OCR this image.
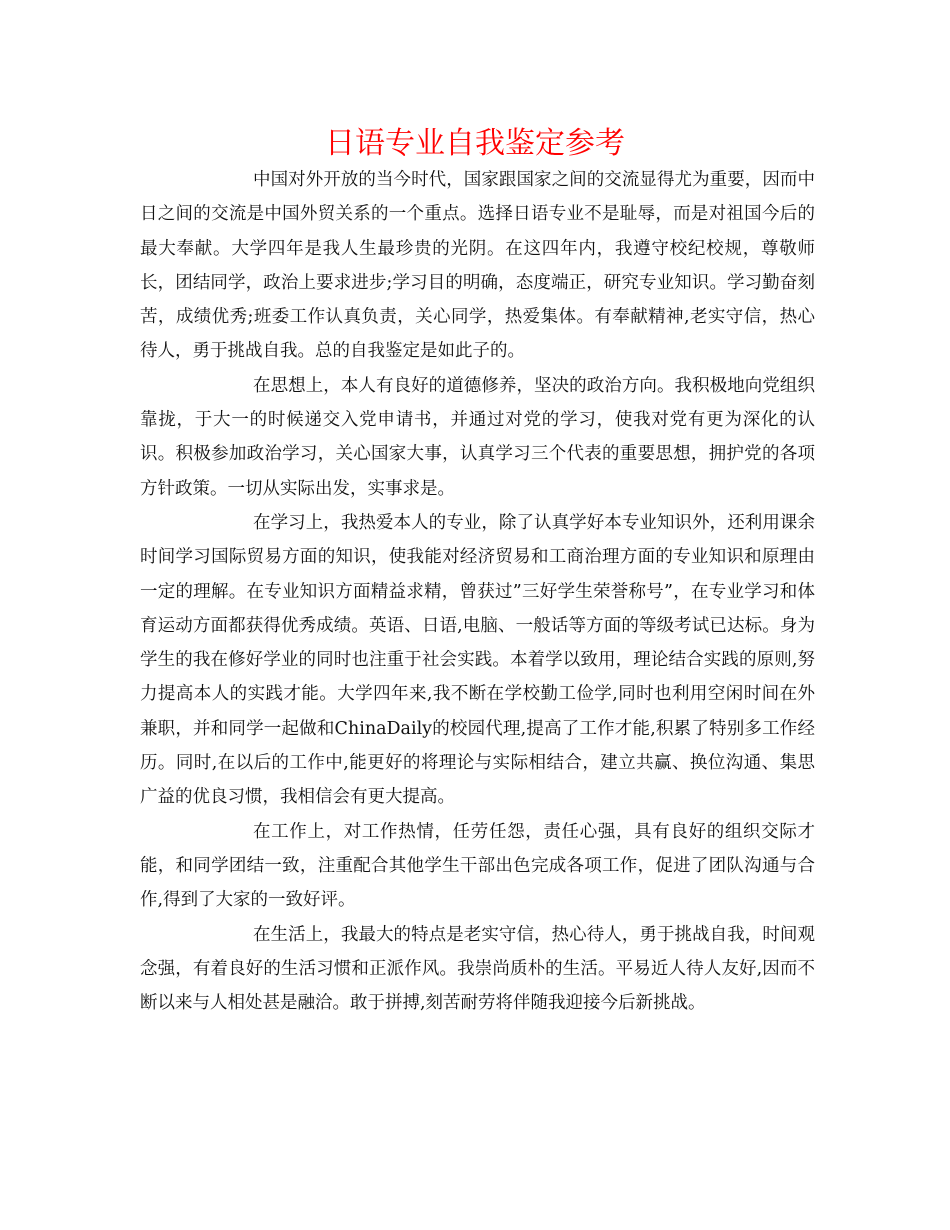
日语专业自我鉴定参考

中国对外开放的当今时代，国家跟国家之间的交流显得尤为重要，因而中日之间的交流是中国外贸关系的一个重点。选择日语专业不是耻辱，而是对祖国今后的最大奉献。大学四年是我人生最珍贵的光阴。在这四年内，我遵守校纪校规，尊敬师长，团结同学，政治上要求进步;学习目的明确，态度端正，研究专业知识。学习勤奋刻苦，成绩优秀;班委工作认真负责，关心同学，热爱集体。有奉献精神,老实守信，热心待人，勇于挑战自我。总的自我鉴定是如此子的。

在思想上，本人有良好的道德修养，坚决的政治方向。我积极地向党组织靠拢，于大一的时候递交入党申请书，并通过对党的学习，使我对党有更为深化的认识。积极参加政治学习，关心国家大事，认真学习三个代表的重要思想，拥护党的各项方针政策。一切从实际出发，实事求是。

在学习上，我热爱本人的专业，除了认真学好本专业知识外，还利用课余时间学习国际贸易方面的知识，使我能对经济贸易和工商治理方面的专业知识和原理由一定的理解。在专业知识方面精益求精，曾获过”三好学生荣誉称号”，在专业学习和体育运动方面都获得优秀成绩。英语、日语,电脑、一般话等方面的等级考试已达标。身为学生的我在修好学业的同时也注重于社会实践。本着学以致用，理论结合实践的原则,努力提高本人的实践才能。大学四年来,我不断在学校勤工俭学,同时也利用空闲时间在外兼职，并和同学一起做和ChinaDaily的校园代理,提高了工作才能,积累了特别多工作经历。同时,在以后的工作中,能更好的将理论与实际相结合，建立共赢、换位沟通、集思广益的优良习惯，我相信会有更大提高。

在工作上，对工作热情，任劳任怨，责任心强，具有良好的组织交际才能，和同学团结一致，注重配合其他学生干部出色完成各项工作，促进了团队沟通与合作,得到了大家的一致好评。

在生活上，我最大的特点是老实守信，热心待人，勇于挑战自我，时间观念强，有着良好的生活习惯和正派作风。我崇尚质朴的生活。平易近人待人友好,因而不断以来与人相处甚是融洽。敢于拼搏,刻苦耐劳将伴随我迎接今后新挑战。
